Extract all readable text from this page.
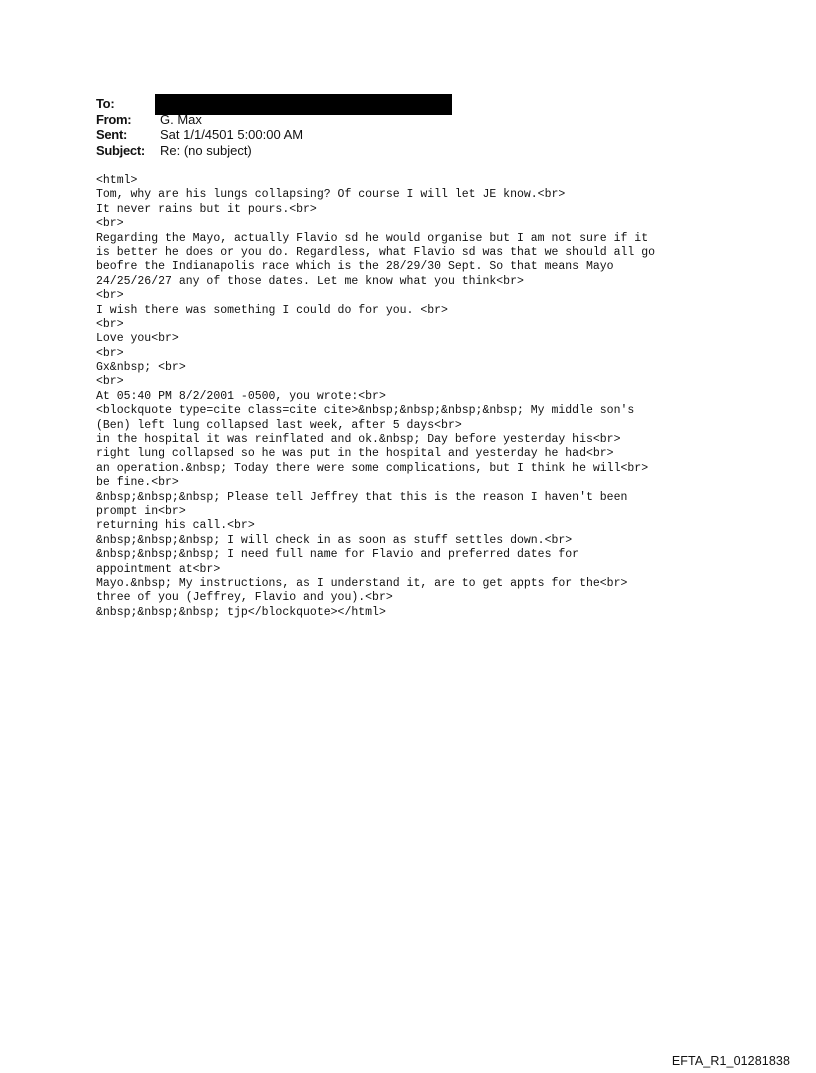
To:
From:	G. Max
Sent:	Sat 1/1/4501 5:00:00 AM
Subject:	Re: (no subject)
<html>
Tom, why are his lungs collapsing? Of course I will let JE know.<br>
It never rains but it pours.<br>
<br>
Regarding the Mayo, actually Flavio sd he would organise but I am not sure if it
is better he does or you do. Regardless, what Flavio sd was that we should all go
beofre the Indianapolis race which is the 28/29/30 Sept. So that means Mayo
24/25/26/27 any of those dates. Let me know what you think<br>
<br>
I wish there was something I could do for you. <br>
<br>
Love you<br>
<br>
Gx&nbsp; <br>
<br>
At 05:40 PM 8/2/2001 -0500, you wrote:<br>
<blockquote type=cite class=cite cite>&nbsp;&nbsp;&nbsp;&nbsp; My middle son's
(Ben) left lung collapsed last week, after 5 days<br>
in the hospital it was reinflated and ok.&nbsp; Day before yesterday his<br>
right lung collapsed so he was put in the hospital and yesterday he had<br>
an operation.&nbsp; Today there were some complications, but I think he will<br>
be fine.<br>
&nbsp;&nbsp;&nbsp; Please tell Jeffrey that this is the reason I haven't been
prompt in<br>
returning his call.<br>
&nbsp;&nbsp;&nbsp; I will check in as soon as stuff settles down.<br>
&nbsp;&nbsp;&nbsp; I need full name for Flavio and preferred dates for
appointment at<br>
Mayo.&nbsp; My instructions, as I understand it, are to get appts for the<br>
three of you (Jeffrey, Flavio and you).<br>
&nbsp;&nbsp;&nbsp; tjp</blockquote></html>
EFTA_R1_01281838
